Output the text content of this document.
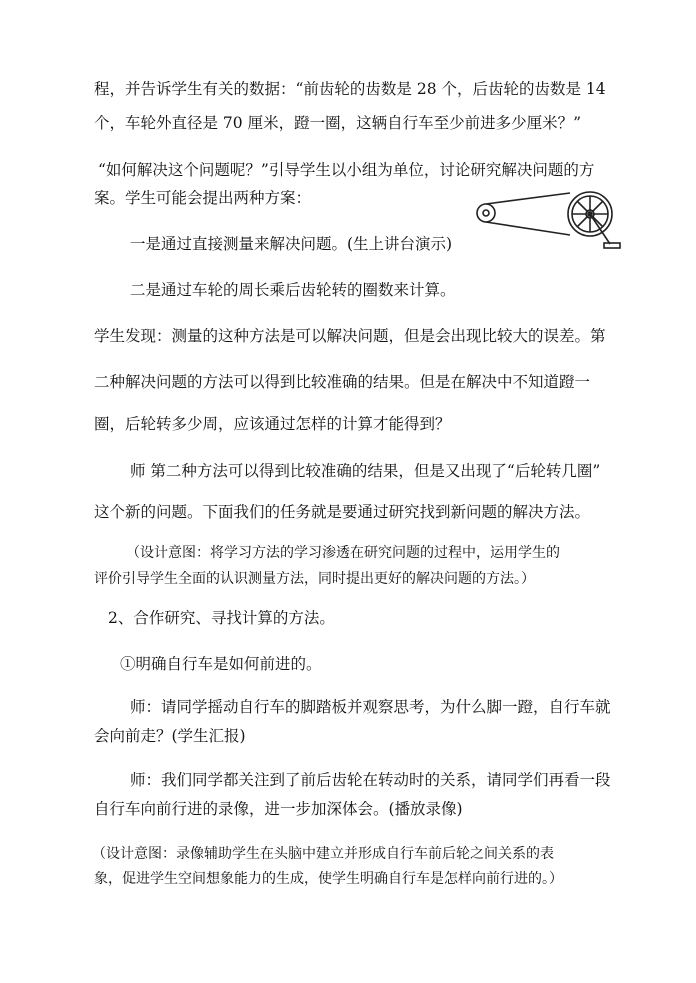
程，并告诉学生有关的数据：“前齿轮的齿数是 28 个，后齿轮的齿数是 14
个，车轮外直径是 70 厘米，蹬一圈，这辆自行车至少前进多少厘米？”
“如何解决这个问题呢？”引导学生以小组为单位，讨论研究解决问题的方
案。学生可能会提出两种方案：
一是通过直接测量来解决问题。(生上讲台演示)
二是通过车轮的周长乘后齿轮转的圈数来计算。
学生发现：测量的这种方法是可以解决问题，但是会出现比较大的误差。第
二种解决问题的方法可以得到比较准确的结果。但是在解决中不知道蹬一
圈，后轮转多少周，应该通过怎样的计算才能得到？
师 第二种方法可以得到比较准确的结果，但是又出现了“后轮转几圈”
这个新的问题。下面我们的任务就是要通过研究找到新问题的解决方法。
（设计意图：将学习方法的学习渗透在研究问题的过程中，运用学生的
评价引导学生全面的认识测量方法，同时提出更好的解决问题的方法。）
2、合作研究、寻找计算的方法。
①明确自行车是如何前进的。
师：请同学摇动自行车的脚踏板并观察思考，为什么脚一蹬，自行车就
会向前走？(学生汇报)
师：我们同学都关注到了前后齿轮在转动时的关系，请同学们再看一段
自行车向前行进的录像，进一步加深体会。(播放录像)
（设计意图：录像辅助学生在头脑中建立并形成自行车前后轮之间关系的表
象，促进学生空间想象能力的生成，使学生明确自行车是怎样向前行进的。）
